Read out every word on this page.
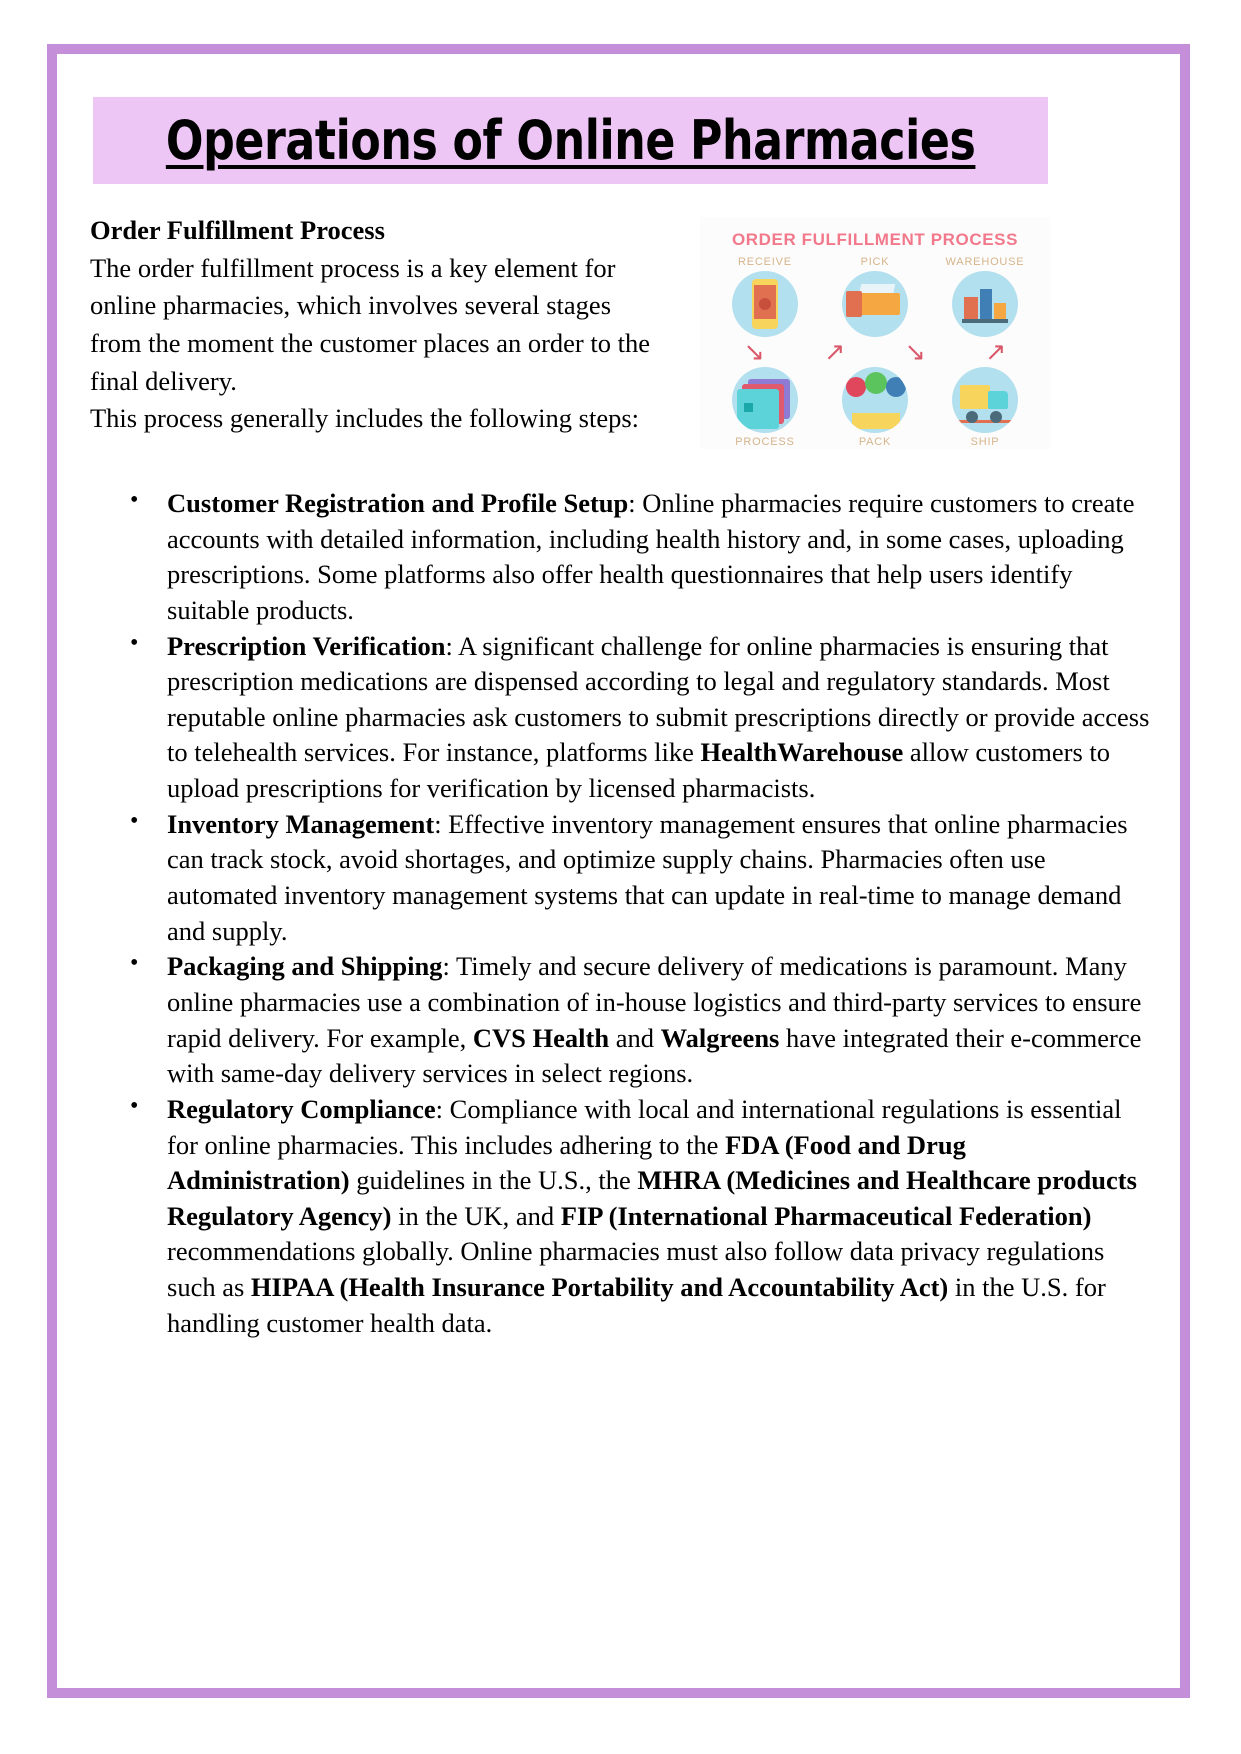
Operations of Online Pharmacies
Order Fulfillment Process
The order fulfillment process is a key element for online pharmacies, which involves several stages from the moment the customer places an order to the final delivery.
This process generally includes the following steps:
ORDER FULFILLMENT PROCESS
RECEIVE	PICK	WAREHOUSE
↘ ↗ ↘ ↗
PROCESS	PACK	SHIP
• Customer Registration and Profile Setup: Online pharmacies require customers to create accounts with detailed information, including health history and, in some cases, uploading prescriptions. Some platforms also offer health questionnaires that help users identify suitable products.
• Prescription Verification: A significant challenge for online pharmacies is ensuring that prescription medications are dispensed according to legal and regulatory standards. Most reputable online pharmacies ask customers to submit prescriptions directly or provide access to telehealth services. For instance, platforms like HealthWarehouse allow customers to upload prescriptions for verification by licensed pharmacists.
• Inventory Management: Effective inventory management ensures that online pharmacies can track stock, avoid shortages, and optimize supply chains. Pharmacies often use automated inventory management systems that can update in real-time to manage demand and supply.
• Packaging and Shipping: Timely and secure delivery of medications is paramount. Many online pharmacies use a combination of in-house logistics and third-party services to ensure rapid delivery. For example, CVS Health and Walgreens have integrated their e-commerce with same-day delivery services in select regions.
• Regulatory Compliance: Compliance with local and international regulations is essential for online pharmacies. This includes adhering to the FDA (Food and Drug Administration) guidelines in the U.S., the MHRA (Medicines and Healthcare products Regulatory Agency) in the UK, and FIP (International Pharmaceutical Federation) recommendations globally. Online pharmacies must also follow data privacy regulations such as HIPAA (Health Insurance Portability and Accountability Act) in the U.S. for handling customer health data.
